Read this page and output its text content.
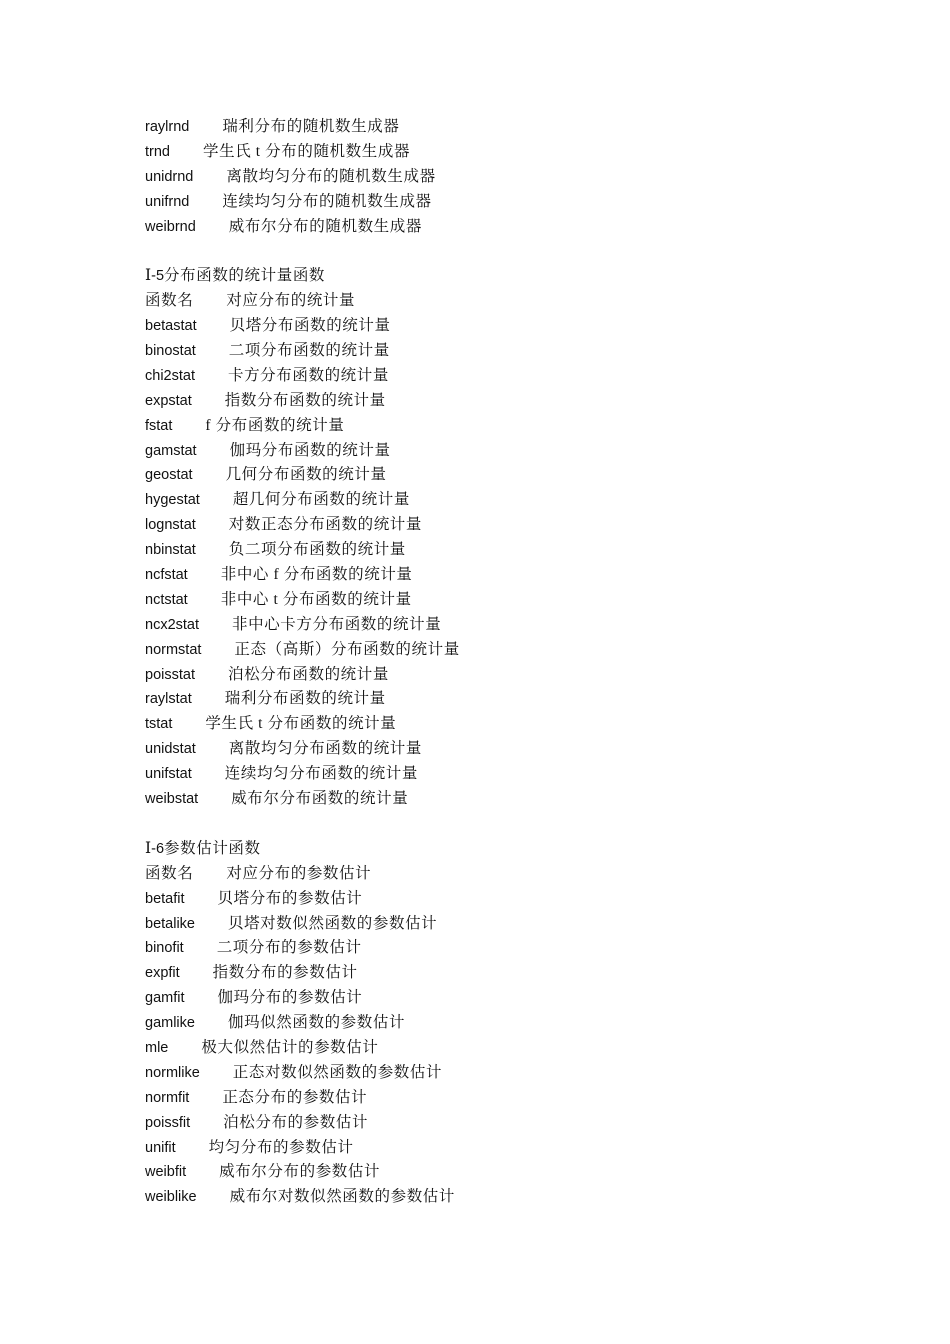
raylrnd 瑞利分布的随机数生成器
trnd 学生氏 t 分布的随机数生成器
unidrnd 离散均匀分布的随机数生成器
unifrnd 连续均匀分布的随机数生成器
weibrnd 威布尔分布的随机数生成器
Ⅰ-5分布函数的统计量函数
函数名 对应分布的统计量
betastat 贝塔分布函数的统计量
binostat 二项分布函数的统计量
chi2stat 卡方分布函数的统计量
expstat 指数分布函数的统计量
fstat f 分布函数的统计量
gamstat 伽玛分布函数的统计量
geostat 几何分布函数的统计量
hygestat 超几何分布函数的统计量
lognstat 对数正态分布函数的统计量
nbinstat 负二项分布函数的统计量
ncfstat 非中心 f 分布函数的统计量
nctstat 非中心 t 分布函数的统计量
ncx2stat 非中心卡方分布函数的统计量
normstat 正态（高斯）分布函数的统计量
poisstat 泊松分布函数的统计量
raylstat 瑞利分布函数的统计量
tstat 学生氏 t 分布函数的统计量
unidstat 离散均匀分布函数的统计量
unifstat 连续均匀分布函数的统计量
weibstat 威布尔分布函数的统计量
Ⅰ-6参数估计函数
函数名 对应分布的参数估计
betafit 贝塔分布的参数估计
betalike 贝塔对数似然函数的参数估计
binofit 二项分布的参数估计
expfit 指数分布的参数估计
gamfit 伽玛分布的参数估计
gamlike 伽玛似然函数的参数估计
mle 极大似然估计的参数估计
normlike 正态对数似然函数的参数估计
normfit 正态分布的参数估计
poissfit 泊松分布的参数估计
unifit 均匀分布的参数估计
weibfit 威布尔分布的参数估计
weiblike 威布尔对数似然函数的参数估计
